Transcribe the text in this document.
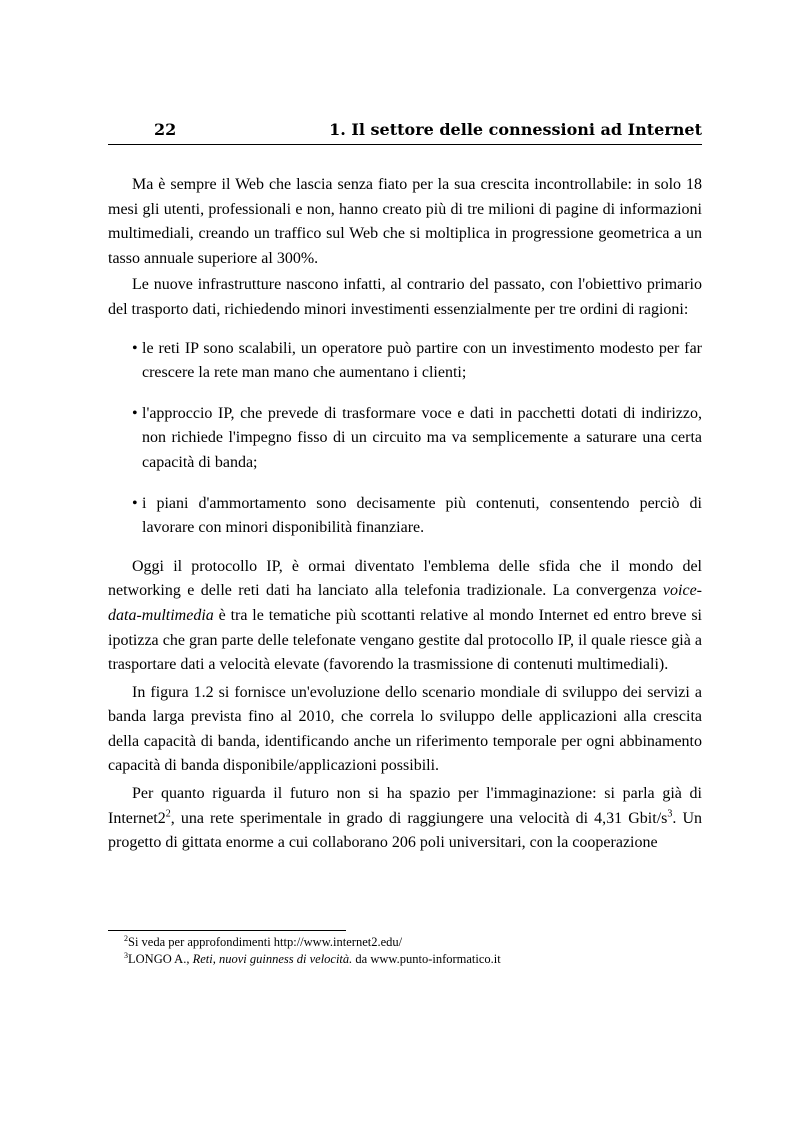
22	1. Il settore delle connessioni ad Internet

Ma è sempre il Web che lascia senza fiato per la sua crescita incontrollabile: in solo 18 mesi gli utenti, professionali e non, hanno creato più di tre milioni di pagine di informazioni multimediali, creando un traffico sul Web che si moltiplica in progressione geometrica a un tasso annuale superiore al 300%.

Le nuove infrastrutture nascono infatti, al contrario del passato, con l'obiettivo primario del trasporto dati, richiedendo minori investimenti essenzialmente per tre ordini di ragioni:

• le reti IP sono scalabili, un operatore può partire con un investimento modesto per far crescere la rete man mano che aumentano i clienti;
• l'approccio IP, che prevede di trasformare voce e dati in pacchetti dotati di indirizzo, non richiede l'impegno fisso di un circuito ma va semplicemente a saturare una certa capacità di banda;
• i piani d'ammortamento sono decisamente più contenuti, consentendo perciò di lavorare con minori disponibilità finanziare.

Oggi il protocollo IP, è ormai diventato l'emblema delle sfida che il mondo del networking e delle reti dati ha lanciato alla telefonia tradizionale. La convergenza voice-data-multimedia è tra le tematiche più scottanti relative al mondo Internet ed entro breve si ipotizza che gran parte delle telefonate vengano gestite dal protocollo IP, il quale riesce già a trasportare dati a velocità elevate (favorendo la trasmissione di contenuti multimediali).

In figura 1.2 si fornisce un'evoluzione dello scenario mondiale di sviluppo dei servizi a banda larga prevista fino al 2010, che correla lo sviluppo delle applicazioni alla crescita della capacità di banda, identificando anche un riferimento temporale per ogni abbinamento capacità di banda disponibile/applicazioni possibili.

Per quanto riguarda il futuro non si ha spazio per l'immaginazione: si parla già di $Internet2^2$, una rete sperimentale in grado di raggiungere una velocità di 4,31 Gbit/$s^3$. Un progetto di gittata enorme a cui collaborano 206 poli universitari, con la cooperazione

$^2$Si veda per approfondimenti http://www.internet2.edu/
$^3$LONGO A., Reti, nuovi guinness di velocità. da www.punto-informatico.it
